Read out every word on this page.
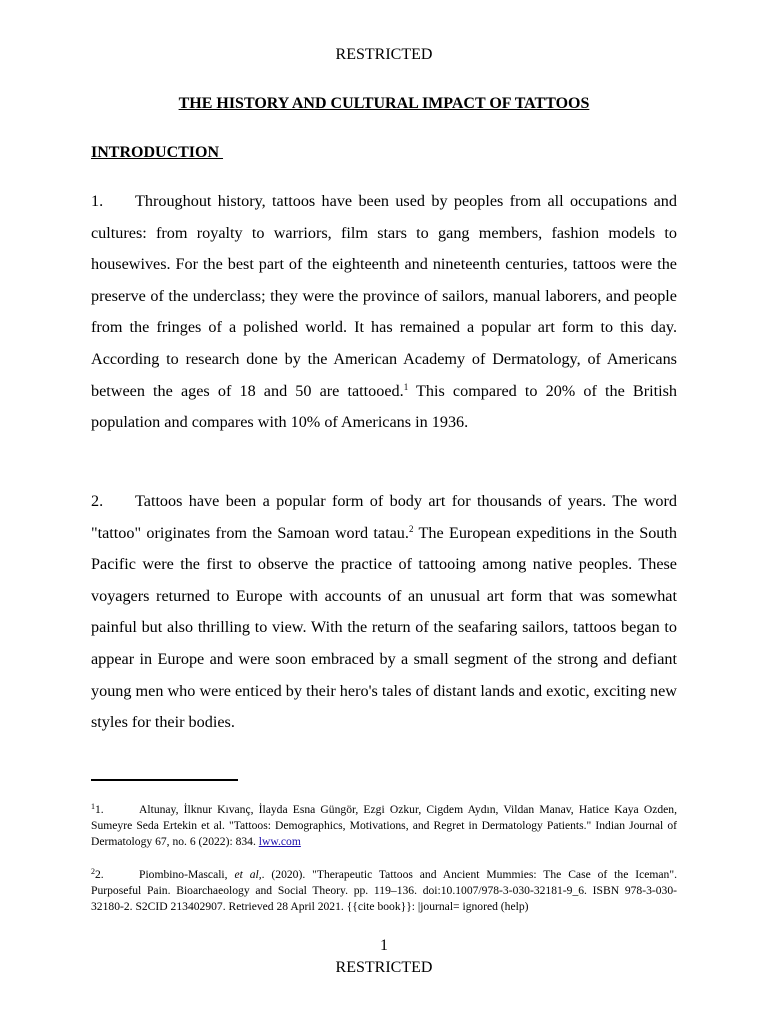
RESTRICTED
THE HISTORY AND CULTURAL IMPACT OF TATTOOS
INTRODUCTION

1. Throughout history, tattoos have been used by peoples from all occupations and cultures: from royalty to warriors, film stars to gang members, fashion models to housewives. For the best part of the eighteenth and nineteenth centuries, tattoos were the preserve of the underclass; they were the province of sailors, manual laborers, and people from the fringes of a polished world. It has remained a popular art form to this day. According to research done by the American Academy of Dermatology, of Americans between the ages of 18 and 50 are tattooed.$^1$ This compared to 20% of the British population and compares with 10% of Americans in 1936.

2. Tattoos have been a popular form of body art for thousands of years. The word "tattoo" originates from the Samoan word tatau.$^2$ The European expeditions in the South Pacific were the first to observe the practice of tattooing among native peoples. These voyagers returned to Europe with accounts of an unusual art form that was somewhat painful but also thrilling to view. With the return of the seafaring sailors, tattoos began to appear in Europe and were soon embraced by a small segment of the strong and defiant young men who were enticed by their hero's tales of distant lands and exotic, exciting new styles for their bodies.

$^1$1.	Altunay, İlknur Kıvanç, İlayda Esna Güngör, Ezgi Ozkur, Cigdem Aydın, Vildan Manav, Hatice Kaya Ozden, Sumeyre Seda Ertekin et al. "Tattoos: Demographics, Motivations, and Regret in Dermatology Patients." Indian Journal of Dermatology 67, no. 6 (2022): 834. lww.com

$^2$2.	Piombino-Mascali, et al,. (2020). "Therapeutic Tattoos and Ancient Mummies: The Case of the Iceman". Purposeful Pain. Bioarchaeology and Social Theory. pp. 119–136. doi:10.1007/978-3-030-32181-9_6. ISBN 978-3-030-32180-2. S2CID 213402907. Retrieved 28 April 2021. {{cite book}}: |journal= ignored (help)

1
RESTRICTED
